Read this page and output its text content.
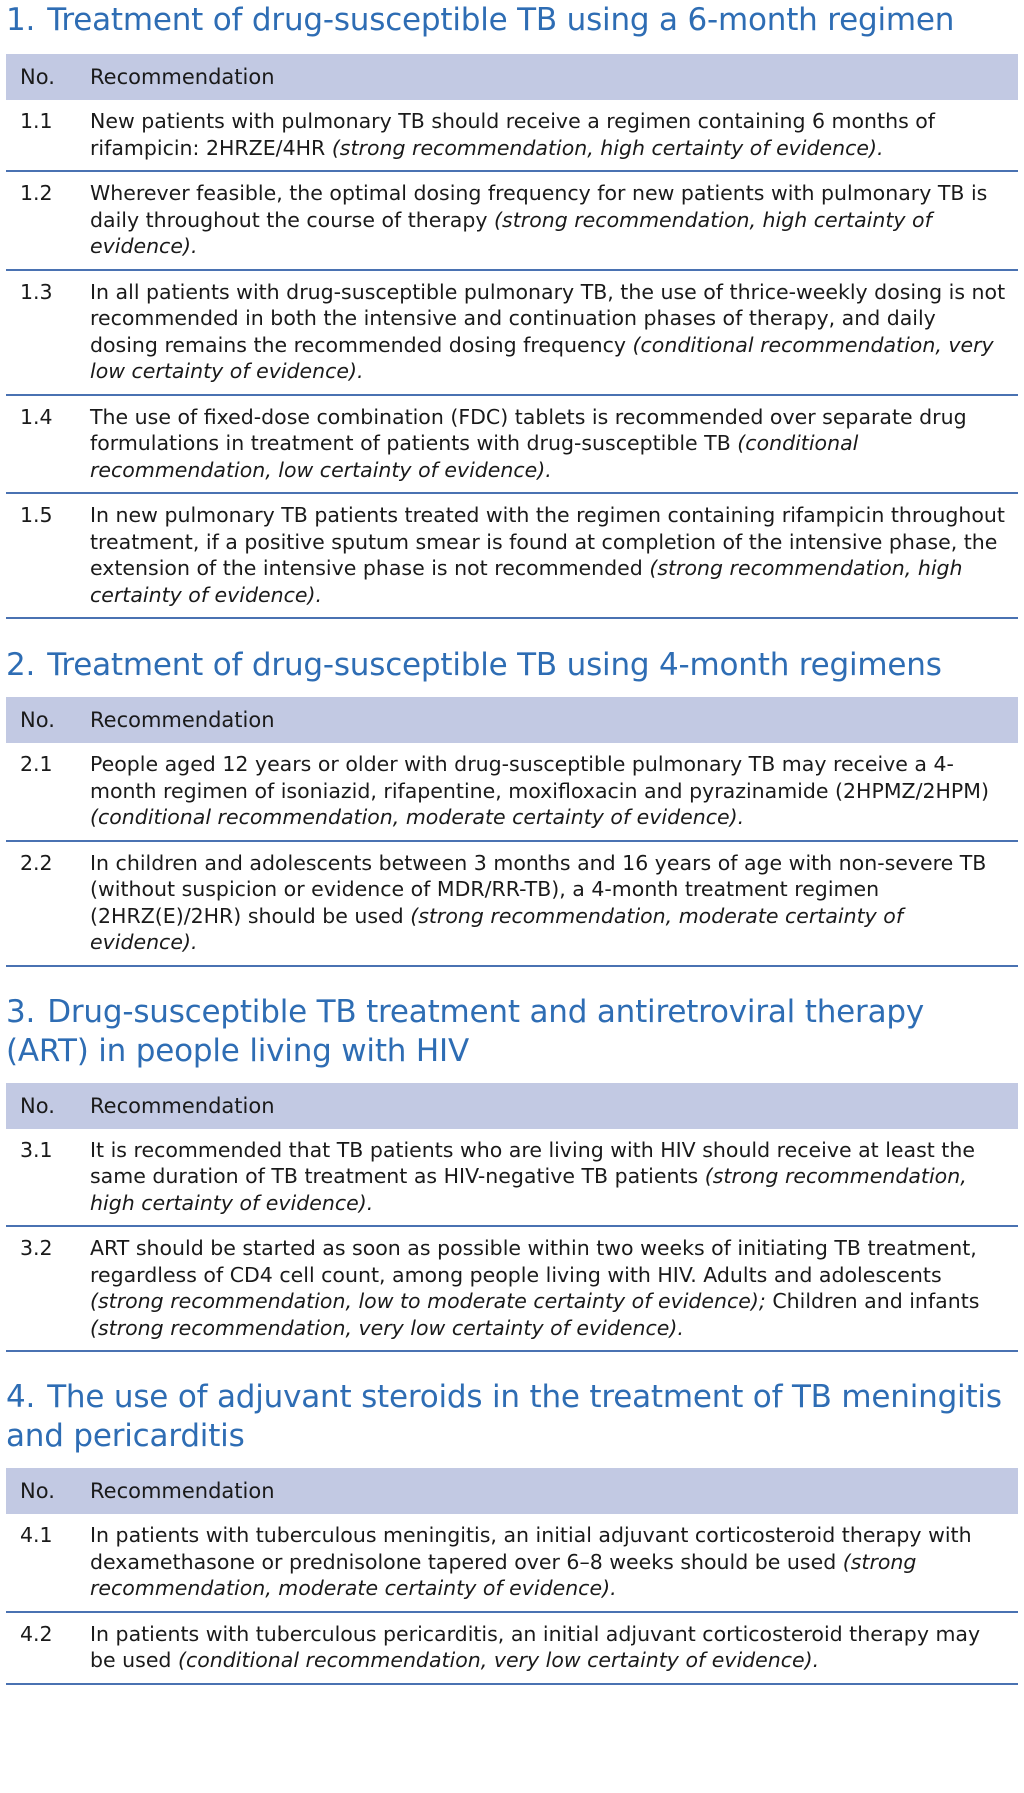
1. Treatment of drug-susceptible TB using a 6-month regimen
No.	Recommendation
1.1	New patients with pulmonary TB should receive a regimen containing 6 months of rifampicin: 2HRZE/4HR (strong recommendation, high certainty of evidence).
1.2	Wherever feasible, the optimal dosing frequency for new patients with pulmonary TB is daily throughout the course of therapy (strong recommendation, high certainty of evidence).
1.3	In all patients with drug-susceptible pulmonary TB, the use of thrice-weekly dosing is not recommended in both the intensive and continuation phases of therapy, and daily dosing remains the recommended dosing frequency (conditional recommendation, very low certainty of evidence).
1.4	The use of fixed-dose combination (FDC) tablets is recommended over separate drug formulations in treatment of patients with drug-susceptible TB (conditional recommendation, low certainty of evidence).
1.5	In new pulmonary TB patients treated with the regimen containing rifampicin throughout treatment, if a positive sputum smear is found at completion of the intensive phase, the extension of the intensive phase is not recommended (strong recommendation, high certainty of evidence).
2. Treatment of drug-susceptible TB using 4-month regimens
No.	Recommendation
2.1	People aged 12 years or older with drug-susceptible pulmonary TB may receive a 4-month regimen of isoniazid, rifapentine, moxifloxacin and pyrazinamide (2HPMZ/2HPM) (conditional recommendation, moderate certainty of evidence).
2.2	In children and adolescents between 3 months and 16 years of age with non-severe TB (without suspicion or evidence of MDR/RR-TB), a 4-month treatment regimen (2HRZ(E)/2HR) should be used (strong recommendation, moderate certainty of evidence).
3. Drug-susceptible TB treatment and antiretroviral therapy (ART) in people living with HIV
No.	Recommendation
3.1	It is recommended that TB patients who are living with HIV should receive at least the same duration of TB treatment as HIV-negative TB patients (strong recommendation, high certainty of evidence).
3.2	ART should be started as soon as possible within two weeks of initiating TB treatment, regardless of CD4 cell count, among people living with HIV. Adults and adolescents (strong recommendation, low to moderate certainty of evidence); Children and infants (strong recommendation, very low certainty of evidence).
4. The use of adjuvant steroids in the treatment of TB meningitis and pericarditis
No.	Recommendation
4.1	In patients with tuberculous meningitis, an initial adjuvant corticosteroid therapy with dexamethasone or prednisolone tapered over 6–8 weeks should be used (strong recommendation, moderate certainty of evidence).
4.2	In patients with tuberculous pericarditis, an initial adjuvant corticosteroid therapy may be used (conditional recommendation, very low certainty of evidence).
